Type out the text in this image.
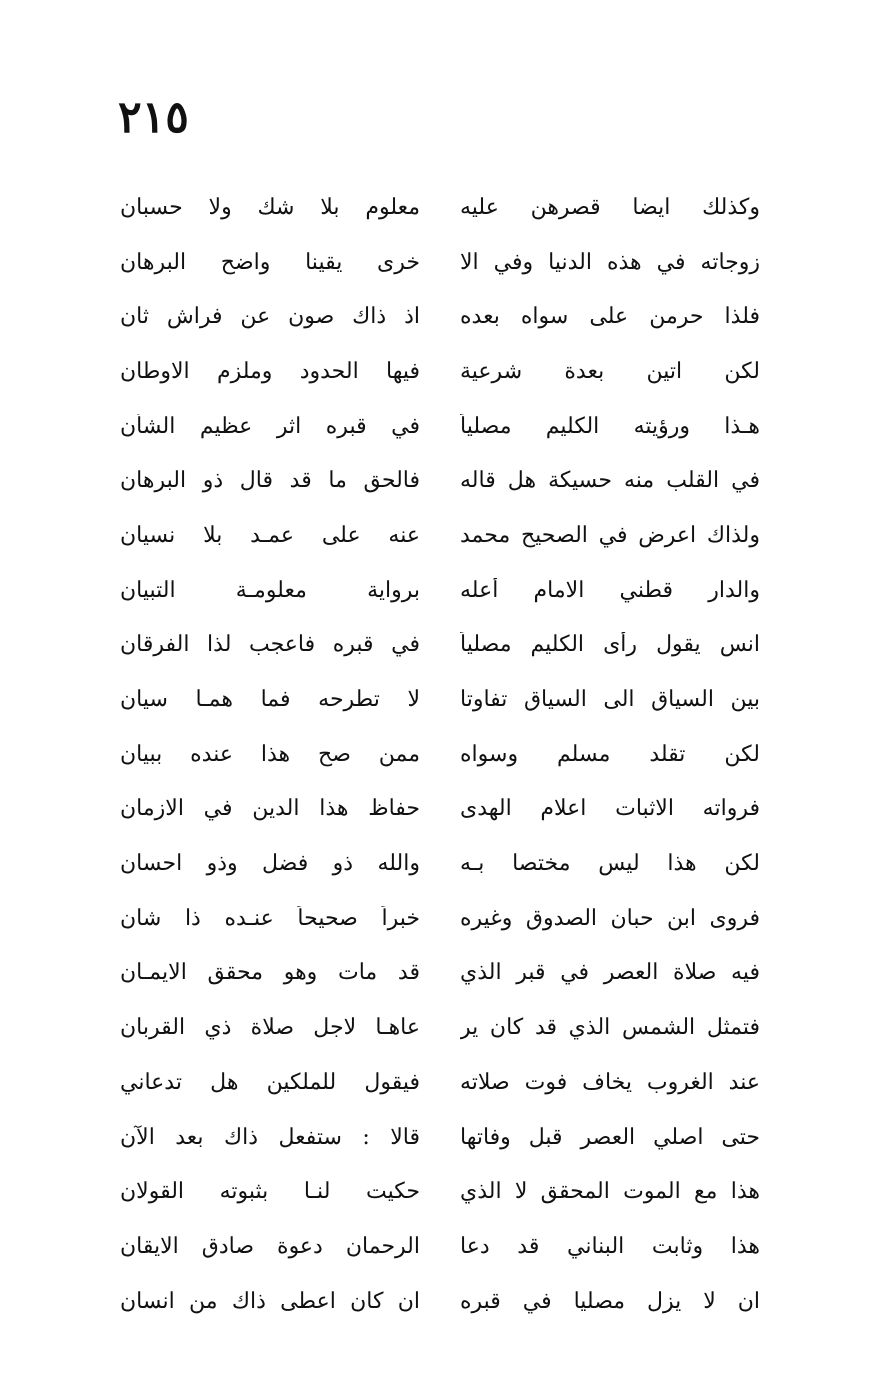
٢١٥
وكذلك ايضا قصرهن عليه
معلوم بلا شك ولا حسبان
زوجاته في هذه الدنيا وفي الا
خرى يقينا واضح البرهان
فلذا حرمن على سواه بعده
اذ ذاك صون عن فراش ثان
لكن اتين بعدة شرعية
فيها الحدود وملزم الاوطان
هـذا ورؤيته الكليم مصلياً
في قبره اثر عظيم الشأن
في القلب منه حسيكة هل قاله
فالحق ما قد قال ذو البرهان
ولذاك اعرض في الصحيح محمد
عنه على عمـد بلا نسيان
والدار قطني الامام أعله
برواية معلومـة التبيان
انس يقول رأى الكليم مصلياً
في قبره فاعجب لذا الفرقان
بين السياق الى السياق تفاوتا
لا تطرحه فما همـا سيان
لكن تقلد مسلم وسواه
ممن صح هذا عنده ببيان
فرواته الاثبات اعلام الهدى
حفاظ هذا الدين في الازمان
لكن هذا ليس مختصا بـه
والله ذو فضل وذو احسان
فروى ابن حبان الصدوق وغيره
خبراً صحيحاً عنـده ذا شان
فيه صلاة العصر في قبر الذي
قد مات وهو محقق الايمـان
فتمثل الشمس الذي قد كان ير
عاهـا لاجل صلاة ذي القربان
عند الغروب يخاف فوت صلاته
فيقول للملكين هل تدعاني
حتى اصلي العصر قبل وفاتها
قالا : ستفعل ذاك بعد الآن
هذا مع الموت المحقق لا الذي
حكيت لنـا بثبوته القولان
هذا وثابت البناني قد دعا
الرحمان دعوة صادق الايقان
ان لا يزل مصليا في قبره
ان كان اعطى ذاك من انسان
